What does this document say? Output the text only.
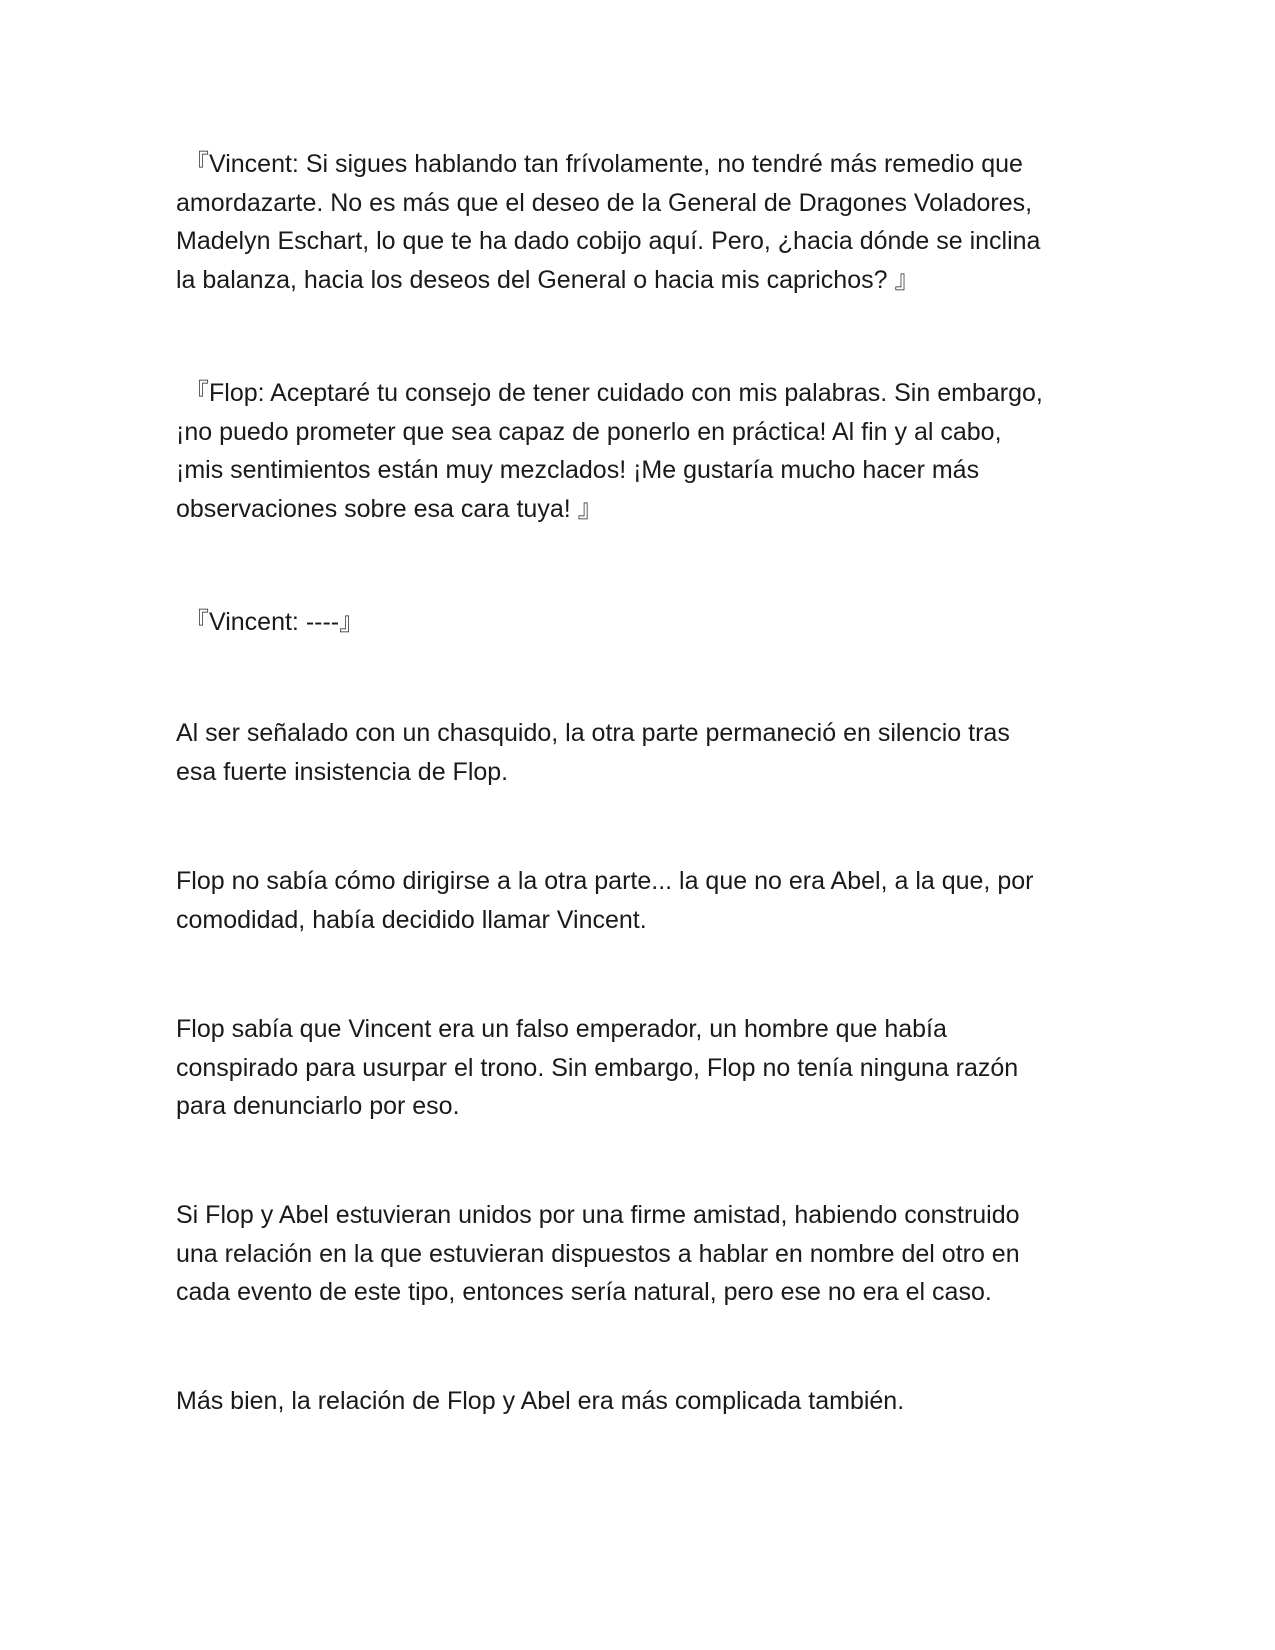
『Vincent: Si sigues hablando tan frívolamente, no tendré más remedio que
amordazarte. No es más que el deseo de la General de Dragones Voladores,
Madelyn Eschart, lo que te ha dado cobijo aquí. Pero, ¿hacia dónde se inclina
la balanza, hacia los deseos del General o hacia mis caprichos? 』

『Flop: Aceptaré tu consejo de tener cuidado con mis palabras. Sin embargo,
¡no puedo prometer que sea capaz de ponerlo en práctica! Al fin y al cabo,
¡mis sentimientos están muy mezclados! ¡Me gustaría mucho hacer más
observaciones sobre esa cara tuya! 』

『Vincent: ----』

Al ser señalado con un chasquido, la otra parte permaneció en silencio tras
esa fuerte insistencia de Flop.

Flop no sabía cómo dirigirse a la otra parte... la que no era Abel, a la que, por
comodidad, había decidido llamar Vincent.

Flop sabía que Vincent era un falso emperador, un hombre que había
conspirado para usurpar el trono. Sin embargo, Flop no tenía ninguna razón
para denunciarlo por eso.

Si Flop y Abel estuvieran unidos por una firme amistad, habiendo construido
una relación en la que estuvieran dispuestos a hablar en nombre del otro en
cada evento de este tipo, entonces sería natural, pero ese no era el caso.

Más bien, la relación de Flop y Abel era más complicada también.
